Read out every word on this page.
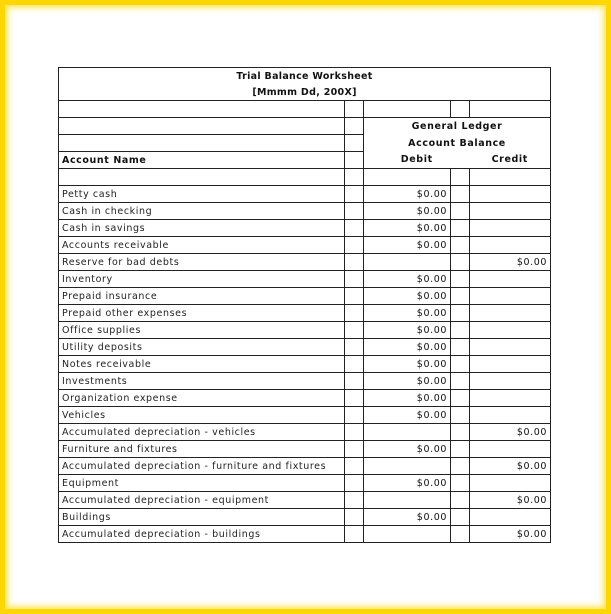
Trial Balance Worksheet				
[Mmmm Dd, 200X]				

		General Ledger		
		Account Balance		
Account Name		Debit		Credit

Petty cash		$0.00		
Cash in checking		$0.00		
Cash in savings		$0.00		
Accounts receivable		$0.00		
Reserve for bad debts				$0.00
Inventory		$0.00		
Prepaid insurance		$0.00		
Prepaid other expenses		$0.00		
Office supplies		$0.00		
Utility deposits		$0.00		
Notes receivable		$0.00		
Investments		$0.00		
Organization expense		$0.00		
Vehicles		$0.00		
Accumulated depreciation - vehicles				$0.00
Furniture and fixtures		$0.00		
Accumulated depreciation - furniture and fixtures				$0.00
Equipment		$0.00		
Accumulated depreciation - equipment				$0.00
Buildings		$0.00		
Accumulated depreciation - buildings				$0.00
